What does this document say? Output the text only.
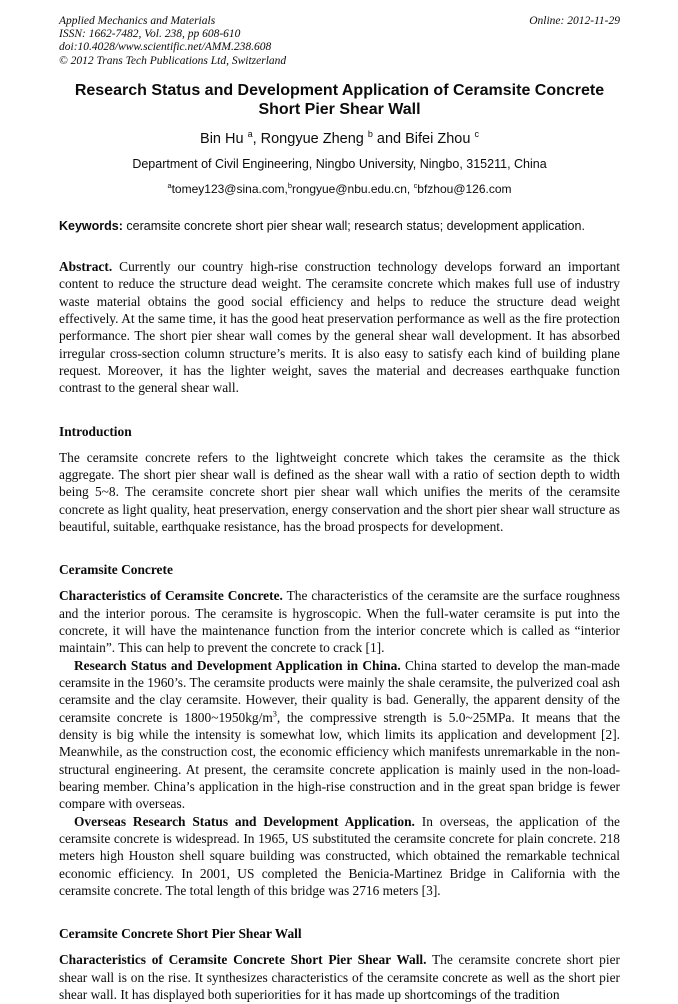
Applied Mechanics and Materials
ISSN: 1662-7482, Vol. 238, pp 608-610
doi:10.4028/www.scientific.net/AMM.238.608
© 2012 Trans Tech Publications Ltd, Switzerland
Online: 2012-11-29
Research Status and Development Application of Ceramsite Concrete Short Pier Shear Wall
Bin Hu $^a$, Rongyue Zheng $^b$ and Bifei Zhou $^c$
Department of Civil Engineering, Ningbo University, Ningbo, 315211, China
$^a$tomey123@sina.com,$^b$rongyue@nbu.edu.cn, $^c$bfzhou@126.com

Keywords: ceramsite concrete short pier shear wall; research status; development application.

Abstract. Currently our country high-rise construction technology develops forward an important content to reduce the structure dead weight. The ceramsite concrete which makes full use of industry waste material obtains the good social efficiency and helps to reduce the structure dead weight effectively. At the same time, it has the good heat preservation performance as well as the fire protection performance. The short pier shear wall comes by the general shear wall development. It has absorbed irregular cross-section column structure’s merits. It is also easy to satisfy each kind of building plane request. Moreover, it has the lighter weight, saves the material and decreases earthquake function contrast to the general shear wall.

Introduction

The ceramsite concrete refers to the lightweight concrete which takes the ceramsite as the thick aggregate. The short pier shear wall is defined as the shear wall with a ratio of section depth to width being 5~8. The ceramsite concrete short pier shear wall which unifies the merits of the ceramsite concrete as light quality, heat preservation, energy conservation and the short pier shear wall structure as beautiful, suitable, earthquake resistance, has the broad prospects for development.

Ceramsite Concrete

Characteristics of Ceramsite Concrete. The characteristics of the ceramsite are the surface roughness and the interior porous. The ceramsite is hygroscopic. When the full-water ceramsite is put into the concrete, it will have the maintenance function from the interior concrete which is called as “interior maintain”. This can help to prevent the concrete to crack [1].

Research Status and Development Application in China. China started to develop the man-made ceramsite in the 1960’s. The ceramsite products were mainly the shale ceramsite, the pulverized coal ash ceramsite and the clay ceramsite. However, their quality is bad. Generally, the apparent density of the ceramsite concrete is $1800\sim 1950kg/m^3$, the compressive strength is 5.0~25MPa. It means that the density is big while the intensity is somewhat low, which limits its application and development [2]. Meanwhile, as the construction cost, the economic efficiency which manifests unremarkable in the non-structural engineering. At present, the ceramsite concrete application is mainly used in the non-load-bearing member. China’s application in the high-rise construction and in the great span bridge is fewer compare with overseas.

Overseas Research Status and Development Application. In overseas, the application of the ceramsite concrete is widespread. In 1965, US substituted the ceramsite concrete for plain concrete. 218 meters high Houston shell square building was constructed, which obtained the remarkable technical economic efficiency. In 2001, US completed the Benicia-Martinez Bridge in California with the ceramsite concrete. The total length of this bridge was 2716 meters [3].

Ceramsite Concrete Short Pier Shear Wall

Characteristics of Ceramsite Concrete Short Pier Shear Wall. The ceramsite concrete short pier shear wall is on the rise. It synthesizes characteristics of the ceramsite concrete as well as the short pier shear wall. It has displayed both superiorities for it has made up shortcomings of the tradition
